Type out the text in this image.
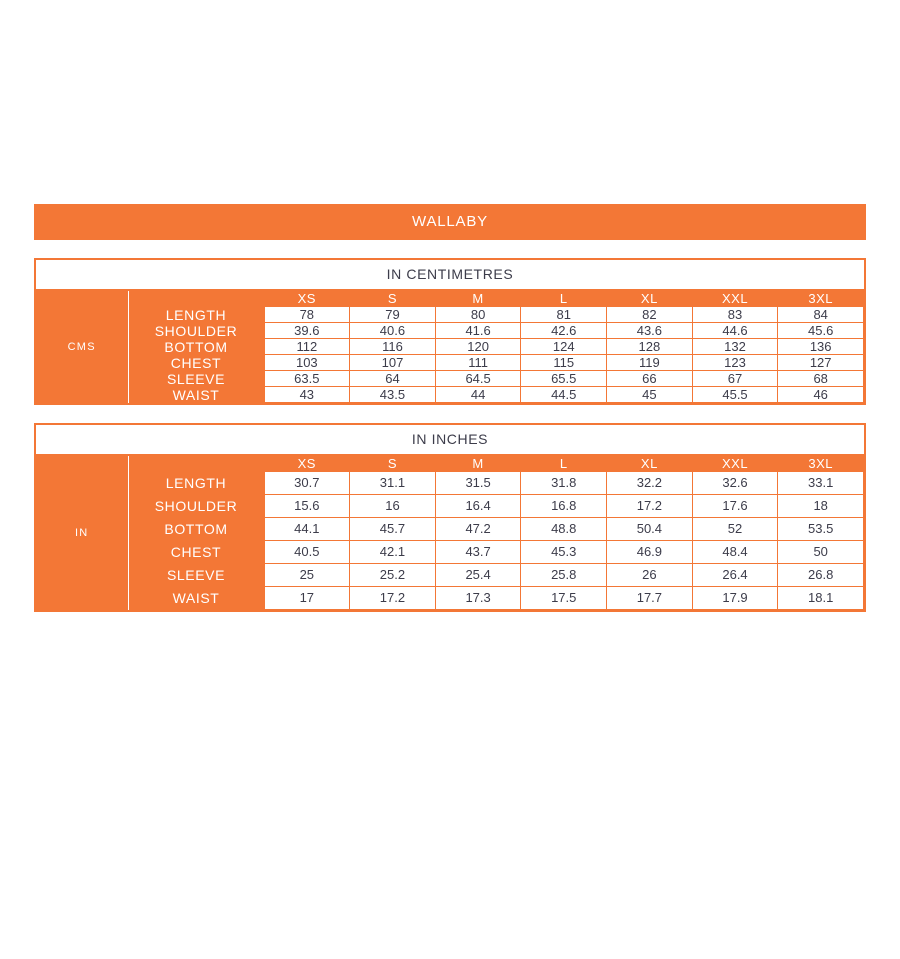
WALLABY
IN CENTIMETRES
CMS		XS	S	M	L	XL	XXL	3XL
	LENGTH	78	79	80	81	82	83	84
	SHOULDER	39.6	40.6	41.6	42.6	43.6	44.6	45.6
	BOTTOM	112	116	120	124	128	132	136
	CHEST	103	107	111	115	119	123	127
	SLEEVE	63.5	64	64.5	65.5	66	67	68
	WAIST	43	43.5	44	44.5	45	45.5	46
IN INCHES
IN		XS	S	M	L	XL	XXL	3XL
	LENGTH	30.7	31.1	31.5	31.8	32.2	32.6	33.1
	SHOULDER	15.6	16	16.4	16.8	17.2	17.6	18
	BOTTOM	44.1	45.7	47.2	48.8	50.4	52	53.5
	CHEST	40.5	42.1	43.7	45.3	46.9	48.4	50
	SLEEVE	25	25.2	25.4	25.8	26	26.4	26.8
	WAIST	17	17.2	17.3	17.5	17.7	17.9	18.1
